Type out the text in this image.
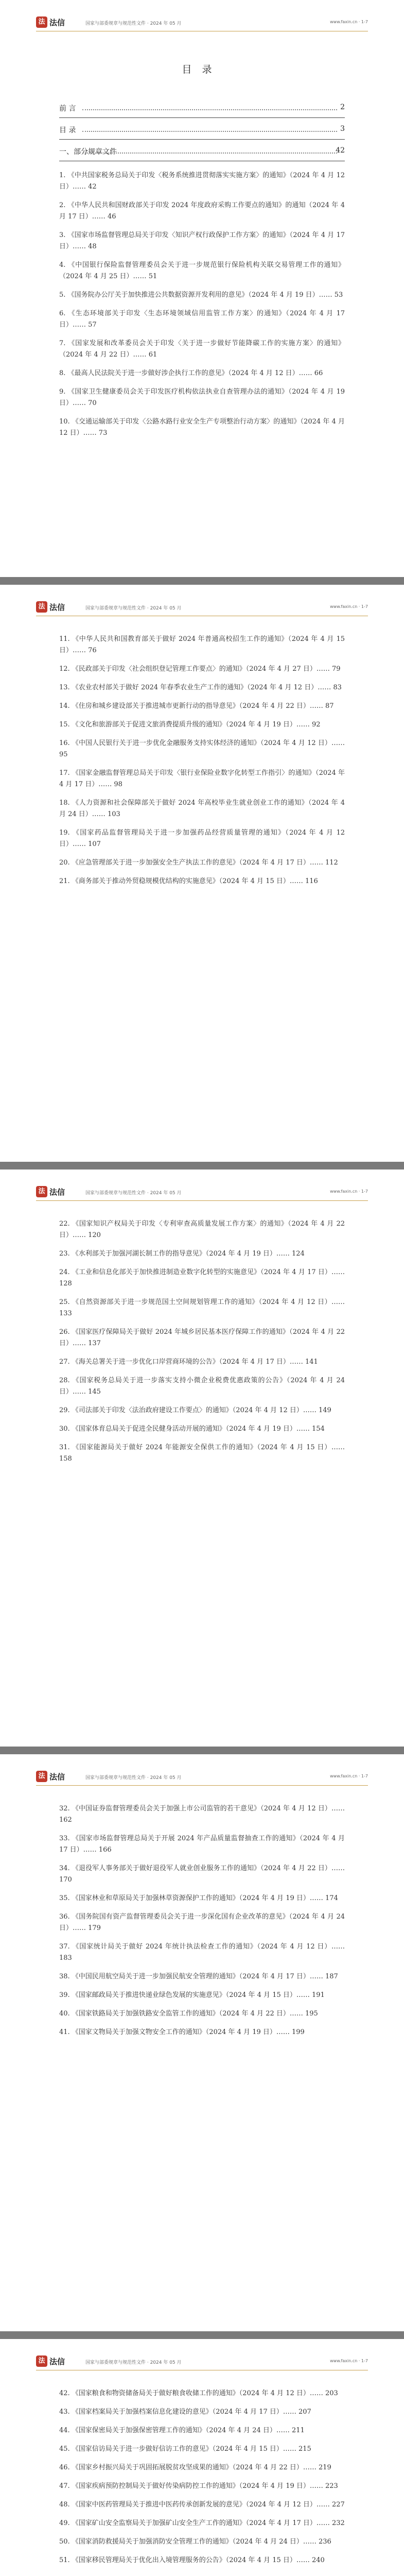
法 法信	国家与部委规章与规范性文件 · 2024 年 05 月	www.faxin.cn · 1-7
目录
前 言	2
目 录	3
一、部分规章文件	42
1. 《中共国家税务总局关于印发〈税务系统推进贯彻落实实施方案〉的通知》（2024 年 4 月 12 日）…… 42
2. 《中华人民共和国财政部关于印发 2024 年度政府采购工作要点的通知》的通知（2024 年 4 月 17 日）…… 46
3. 《国家市场监督管理总局关于印发〈知识产权行政保护工作方案〉的通知》（2024 年 4 月 17 日）…… 48
4. 《中国银行保险监督管理委员会关于进一步规范银行保险机构关联交易管理工作的通知》（2024 年 4 月 25 日）…… 51
5. 《国务院办公厅关于加快推进公共数据资源开发利用的意见》（2024 年 4 月 19 日）…… 53
6. 《生态环境部关于印发〈生态环境领域信用监管工作方案〉的通知》（2024 年 4 月 17 日）…… 57
7. 《国家发展和改革委员会关于印发〈关于进一步做好节能降碳工作的实施方案〉的通知》（2024 年 4 月 22 日）…… 61
8. 《最高人民法院关于进一步做好涉企执行工作的意见》（2024 年 4 月 12 日）…… 66
9. 《国家卫生健康委员会关于印发医疗机构依法执业自查管理办法的通知》（2024 年 4 月 19 日）…… 70
10. 《交通运输部关于印发〈公路水路行业安全生产专项整治行动方案〉的通知》（2024 年 4 月 12 日）…… 73
法 法信	国家与部委规章与规范性文件 · 2024 年 05 月	www.faxin.cn · 1-7
11. 《中华人民共和国教育部关于做好 2024 年普通高校招生工作的通知》（2024 年 4 月 15 日）…… 76
12. 《民政部关于印发〈社会组织登记管理工作要点〉的通知》（2024 年 4 月 27 日）…… 79
13. 《农业农村部关于做好 2024 年春季农业生产工作的通知》（2024 年 4 月 12 日）…… 83
14. 《住房和城乡建设部关于推进城市更新行动的指导意见》（2024 年 4 月 22 日）…… 87
15. 《文化和旅游部关于促进文旅消费提质升级的通知》（2024 年 4 月 19 日）…… 92
16. 《中国人民银行关于进一步优化金融服务支持实体经济的通知》（2024 年 4 月 12 日）…… 95
17. 《国家金融监督管理总局关于印发〈银行业保险业数字化转型工作指引〉的通知》（2024 年 4 月 17 日）…… 98
18. 《人力资源和社会保障部关于做好 2024 年高校毕业生就业创业工作的通知》（2024 年 4 月 24 日）…… 103
19. 《国家药品监督管理局关于进一步加强药品经营质量管理的通知》（2024 年 4 月 12 日）…… 107
20. 《应急管理部关于进一步加强安全生产执法工作的意见》（2024 年 4 月 17 日）…… 112
21. 《商务部关于推动外贸稳规模优结构的实施意见》（2024 年 4 月 15 日）…… 116
法 法信	国家与部委规章与规范性文件 · 2024 年 05 月	www.faxin.cn · 1-7
22. 《国家知识产权局关于印发〈专利审查高质量发展工作方案〉的通知》（2024 年 4 月 22 日）…… 120
23. 《水利部关于加强河湖长制工作的指导意见》（2024 年 4 月 19 日）…… 124
24. 《工业和信息化部关于加快推进制造业数字化转型的实施意见》（2024 年 4 月 17 日）…… 128
25. 《自然资源部关于进一步规范国土空间规划管理工作的通知》（2024 年 4 月 12 日）…… 133
26. 《国家医疗保障局关于做好 2024 年城乡居民基本医疗保障工作的通知》（2024 年 4 月 22 日）…… 137
27. 《海关总署关于进一步优化口岸营商环境的公告》（2024 年 4 月 17 日）…… 141
28. 《国家税务总局关于进一步落实支持小微企业税费优惠政策的公告》（2024 年 4 月 24 日）…… 145
29. 《司法部关于印发〈法治政府建设工作要点〉的通知》（2024 年 4 月 12 日）…… 149
30. 《国家体育总局关于促进全民健身活动开展的通知》（2024 年 4 月 19 日）…… 154
31. 《国家能源局关于做好 2024 年能源安全保供工作的通知》（2024 年 4 月 15 日）…… 158
法 法信	国家与部委规章与规范性文件 · 2024 年 05 月	www.faxin.cn · 1-7
32. 《中国证券监督管理委员会关于加强上市公司监管的若干意见》（2024 年 4 月 12 日）…… 162
33. 《国家市场监督管理总局关于开展 2024 年产品质量监督抽查工作的通知》（2024 年 4 月 17 日）…… 166
34. 《退役军人事务部关于做好退役军人就业创业服务工作的通知》（2024 年 4 月 22 日）…… 170
35. 《国家林业和草原局关于加强林草资源保护工作的通知》（2024 年 4 月 19 日）…… 174
36. 《国务院国有资产监督管理委员会关于进一步深化国有企业改革的意见》（2024 年 4 月 24 日）…… 179
37. 《国家统计局关于做好 2024 年统计执法检查工作的通知》（2024 年 4 月 12 日）…… 183
38. 《中国民用航空局关于进一步加强民航安全管理的通知》（2024 年 4 月 17 日）…… 187
39. 《国家邮政局关于推进快递业绿色发展的实施意见》（2024 年 4 月 15 日）…… 191
40. 《国家铁路局关于加强铁路安全监管工作的通知》（2024 年 4 月 22 日）…… 195
41. 《国家文物局关于加强文物安全工作的通知》（2024 年 4 月 19 日）…… 199
法 法信	国家与部委规章与规范性文件 · 2024 年 05 月	www.faxin.cn · 1-7
42. 《国家粮食和物资储备局关于做好粮食收储工作的通知》（2024 年 4 月 12 日）…… 203
43. 《国家档案局关于加强档案信息化建设的意见》（2024 年 4 月 17 日）…… 207
44. 《国家保密局关于加强保密管理工作的通知》（2024 年 4 月 24 日）…… 211
45. 《国家信访局关于进一步做好信访工作的意见》（2024 年 4 月 15 日）…… 215
46. 《国家乡村振兴局关于巩固拓展脱贫攻坚成果的通知》（2024 年 4 月 22 日）…… 219
47. 《国家疾病预防控制局关于做好传染病防控工作的通知》（2024 年 4 月 19 日）…… 223
48. 《国家中医药管理局关于推进中医药传承创新发展的意见》（2024 年 4 月 12 日）…… 227
49. 《国家矿山安全监察局关于加强矿山安全生产工作的通知》（2024 年 4 月 17 日）…… 232
50. 《国家消防救援局关于加强消防安全管理工作的通知》（2024 年 4 月 24 日）…… 236
51. 《国家移民管理局关于优化出入境管理服务的公告》（2024 年 4 月 15 日）…… 240
